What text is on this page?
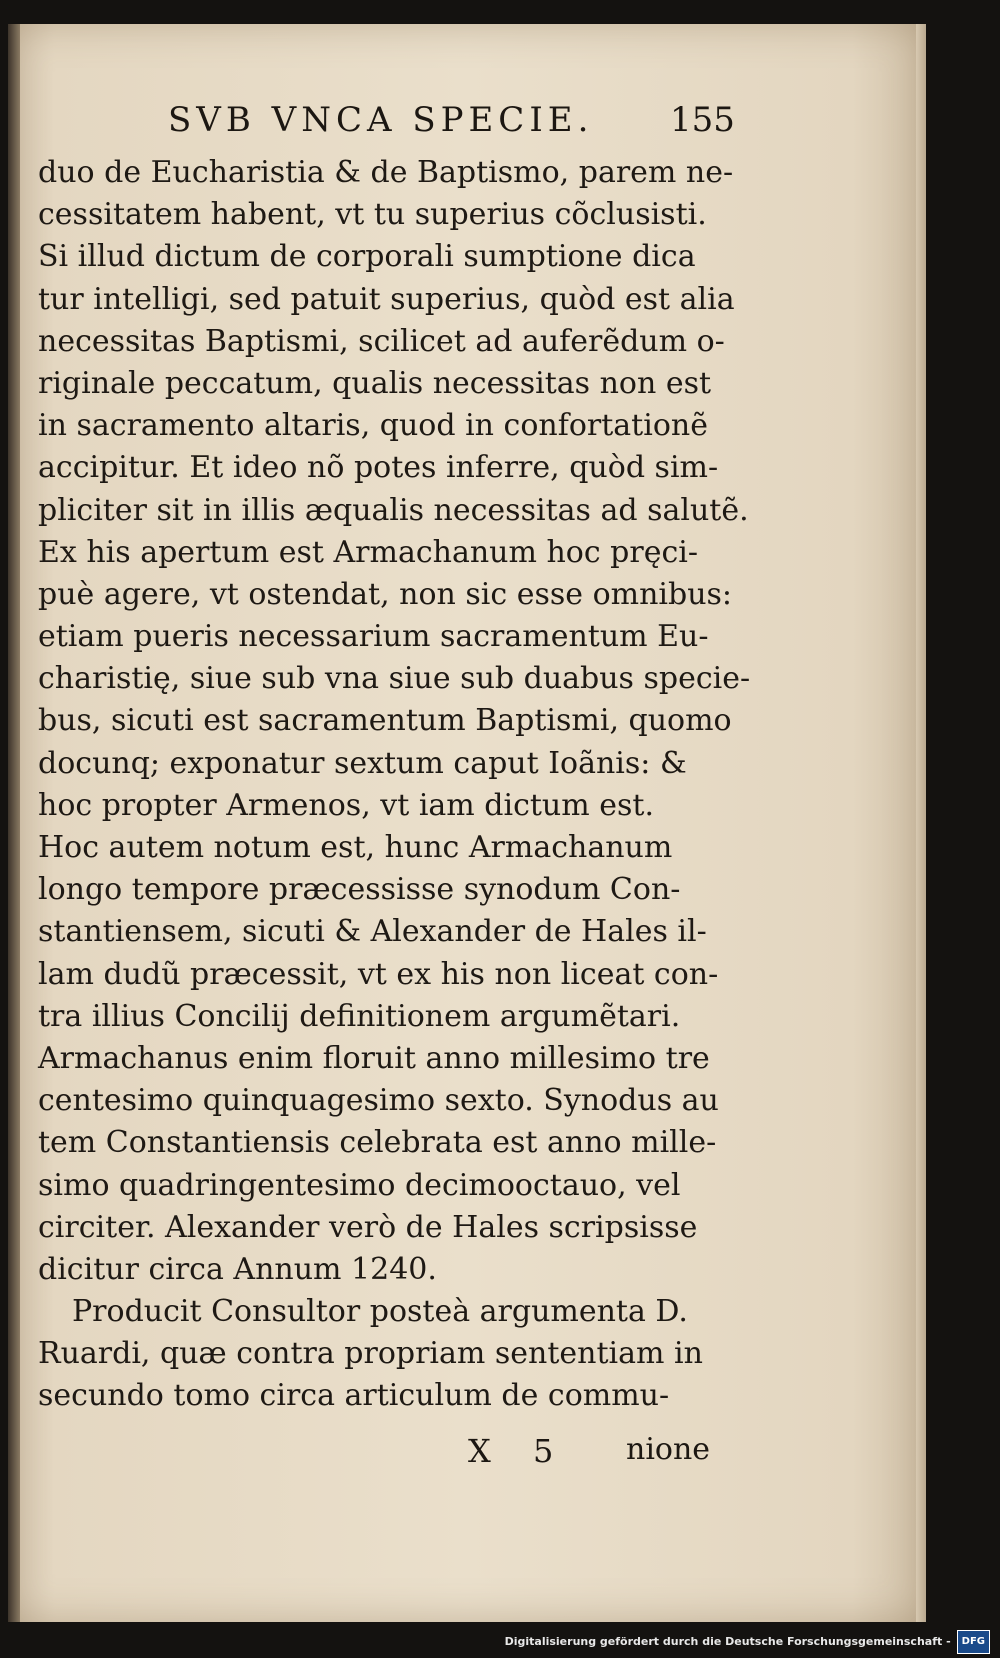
SVB VNCA SPECIE. 155
duo de Eucharistia & de Baptismo, parem ne-
cessitatem habent, vt tu superius cõclusisti.
Si illud dictum de corporali sumptione dica
tur intelligi, sed patuit superius, quòd est alia
necessitas Baptismi, scilicet ad auferẽdum o-
riginale peccatum, qualis necessitas non est
in sacramento altaris, quod in confortationẽ
accipitur. Et ideo nõ potes inferre, quòd sim-
pliciter sit in illis æqualis necessitas ad salutẽ.
Ex his apertum est Armachanum hoc pręci-
puè agere, vt ostendat, non sic esse omnibus:
etiam pueris necessarium sacramentum Eu-
charistię, siue sub vna siue sub duabus specie-
bus, sicuti est sacramentum Baptismi, quomo
docunq; exponatur sextum caput Ioãnis: &
hoc propter Armenos, vt iam dictum est.
Hoc autem notum est, hunc Armachanum
longo tempore præcessisse synodum Con-
stantiensem, sicuti & Alexander de Hales il-
lam dudũ præcessit, vt ex his non liceat con-
tra illius Concilij definitionem argumẽtari.
Armachanus enim floruit anno millesimo tre
centesimo quinquagesimo sexto. Synodus au
tem Constantiensis celebrata est anno mille-
simo quadringentesimo decimooctauo, vel
circiter. Alexander verò de Hales scripsisse
dicitur circa Annum 1240.
Producit Consultor posteà argumenta D.
Ruardi, quæ contra propriam sententiam in
secundo tomo circa articulum de commu-
X 5 nione
Digitalisierung gefördert durch die Deutsche Forschungsgemeinschaft -	DFG
